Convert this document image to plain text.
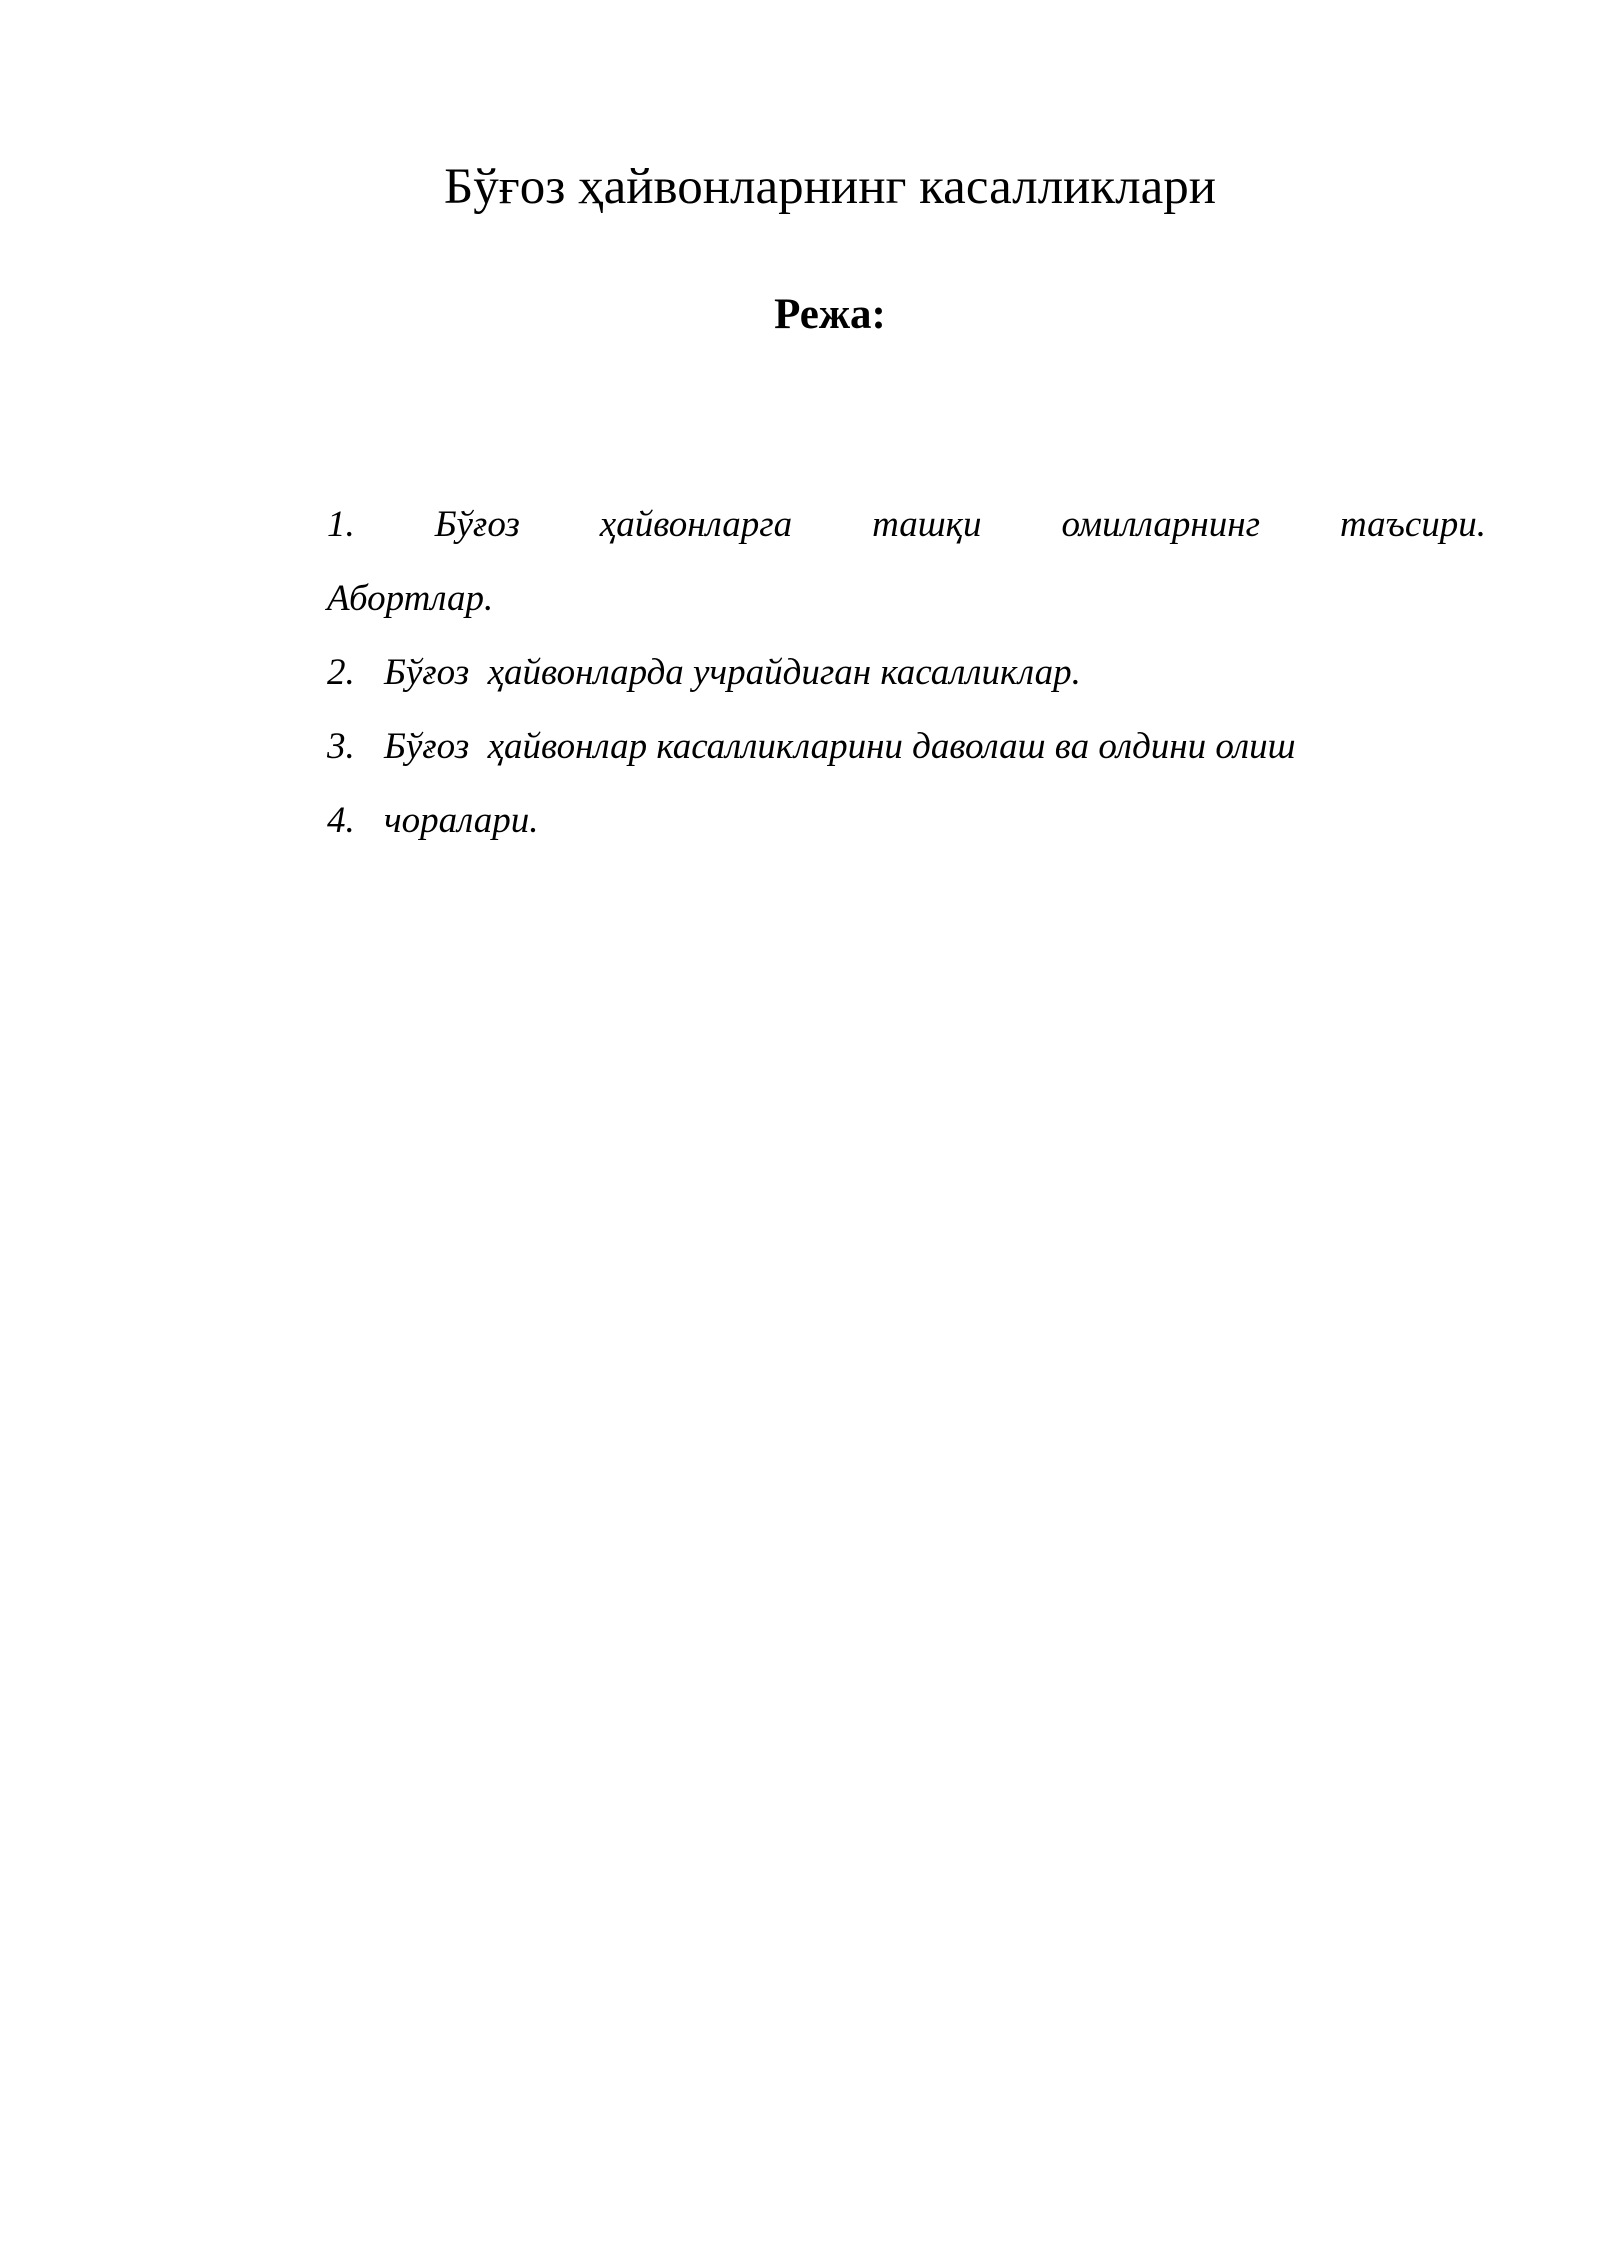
Бўғоз ҳайвонларнинг касалликлари
Режа:
1. Бўғоз ҳайвонларга ташқи омилларнинг таъсири.
Абортлар.
2. Бўғоз  ҳайвонларда учрайдиган касалликлар.
3. Бўғоз  ҳайвонлар касалликларини даволаш ва олдини олиш
4. чоралари.
